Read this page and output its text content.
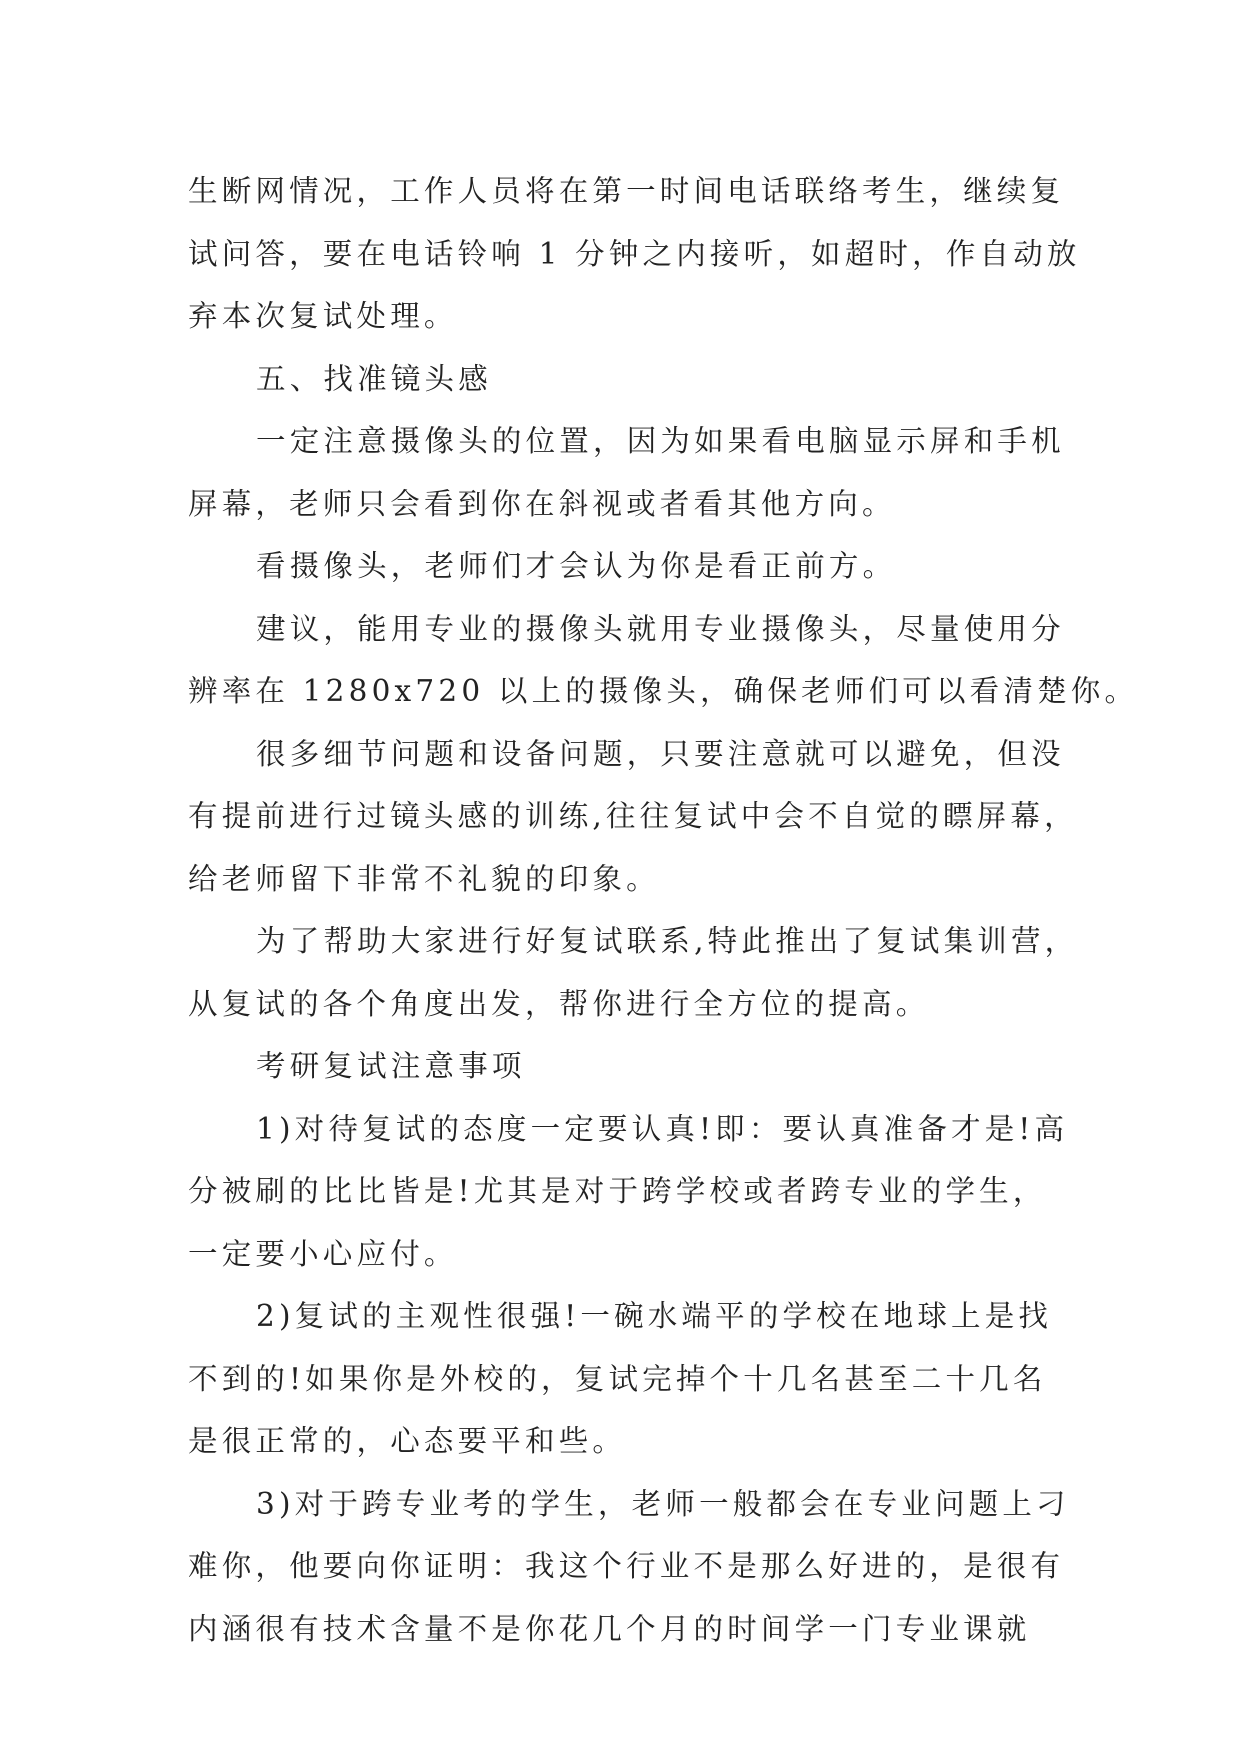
生断网情况，工作人员将在第一时间电话联络考生，继续复
试问答，要在电话铃响 1 分钟之内接听，如超时，作自动放
弃本次复试处理。
五、找准镜头感
一定注意摄像头的位置，因为如果看电脑显示屏和手机
屏幕，老师只会看到你在斜视或者看其他方向。
看摄像头，老师们才会认为你是看正前方。
建议，能用专业的摄像头就用专业摄像头，尽量使用分
辨率在 1280x720 以上的摄像头，确保老师们可以看清楚你。
很多细节问题和设备问题，只要注意就可以避免，但没
有提前进行过镜头感的训练,往往复试中会不自觉的瞟屏幕，
给老师留下非常不礼貌的印象。
为了帮助大家进行好复试联系,特此推出了复试集训营，
从复试的各个角度出发，帮你进行全方位的提高。
考研复试注意事项
1)对待复试的态度一定要认真!即：要认真准备才是!高
分被刷的比比皆是!尤其是对于跨学校或者跨专业的学生，
一定要小心应付。
2)复试的主观性很强!一碗水端平的学校在地球上是找
不到的!如果你是外校的，复试完掉个十几名甚至二十几名
是很正常的，心态要平和些。
3)对于跨专业考的学生，老师一般都会在专业问题上刁
难你，他要向你证明：我这个行业不是那么好进的，是很有
内涵很有技术含量不是你花几个月的时间学一门专业课就
